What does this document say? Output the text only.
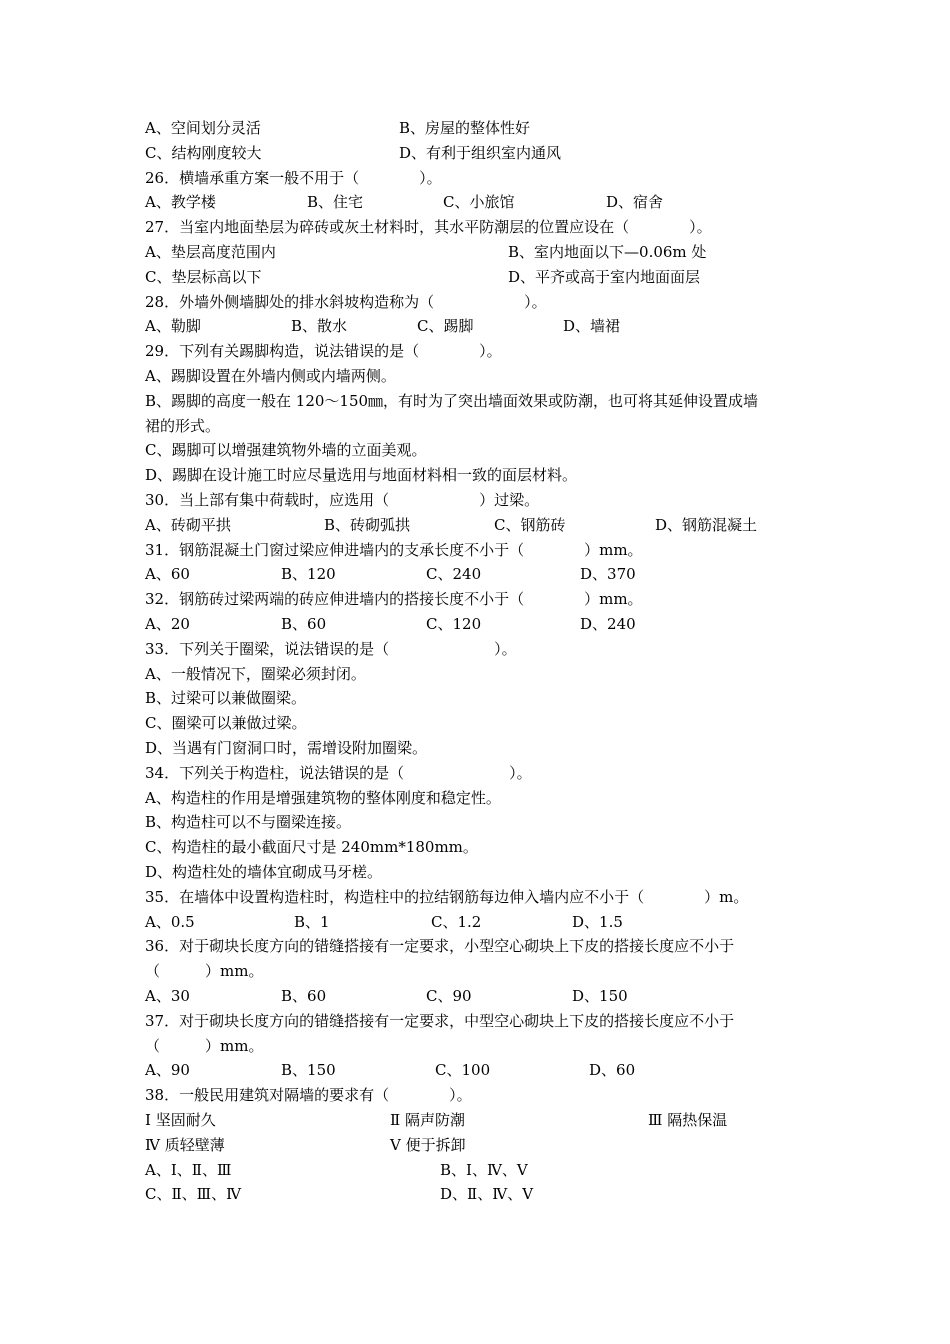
A、空间划分灵活	B、房屋的整体性好
C、结构刚度较大	D、有利于组织室内通风
26．横墙承重方案一般不用于（　　　　）。
A、教学楼	B、住宅	C、小旅馆	D、宿舍
27．当室内地面垫层为碎砖或灰土材料时，其水平防潮层的位置应设在（　　　　）。
A、垫层高度范围内	B、室内地面以下—0.06m 处
C、垫层标高以下	D、平齐或高于室内地面面层
28．外墙外侧墙脚处的排水斜坡构造称为（　　　　　　）。
A、勒脚	B、散水	C、踢脚	D、墙裙
29．下列有关踢脚构造，说法错误的是（　　　　）。
A、踢脚设置在外墙内侧或内墙两侧。
B、踢脚的高度一般在 120～150㎜，有时为了突出墙面效果或防潮，也可将其延伸设置成墙
裙的形式。
C、踢脚可以增强建筑物外墙的立面美观。
D、踢脚在设计施工时应尽量选用与地面材料相一致的面层材料。
30．当上部有集中荷载时，应选用（　　　　　　）过梁。
A、砖砌平拱	B、砖砌弧拱	C、钢筋砖	D、钢筋混凝土
31．钢筋混凝土门窗过梁应伸进墙内的支承长度不小于（　　　　）mm。
A、60	B、120	C、240	D、370
32．钢筋砖过梁两端的砖应伸进墙内的搭接长度不小于（　　　　）mm。
A、20	B、60	C、120	D、240
33．下列关于圈梁，说法错误的是（　　　　　　　）。
A、一般情况下，圈梁必须封闭。
B、过梁可以兼做圈梁。
C、圈梁可以兼做过梁。
D、当遇有门窗洞口时，需增设附加圈梁。
34．下列关于构造柱，说法错误的是（　　　　　　　）。
A、构造柱的作用是增强建筑物的整体刚度和稳定性。
B、构造柱可以不与圈梁连接。
C、构造柱的最小截面尺寸是 240mm*180mm。
D、构造柱处的墙体宜砌成马牙槎。
35．在墙体中设置构造柱时，构造柱中的拉结钢筋每边伸入墙内应不小于（　　　　）m。
A、0.5	B、1	C、1.2	D、1.5
36．对于砌块长度方向的错缝搭接有一定要求，小型空心砌块上下皮的搭接长度应不小于
（　　　）mm。
A、30	B、60	C、90	D、150
37．对于砌块长度方向的错缝搭接有一定要求，中型空心砌块上下皮的搭接长度应不小于
（　　　）mm。
A、90	B、150	C、100	D、60
38．一般民用建筑对隔墙的要求有（　　　　）。
Ⅰ 坚固耐久	Ⅱ 隔声防潮	Ⅲ 隔热保温
Ⅳ 质轻壁薄	Ⅴ 便于拆卸
A、Ⅰ、Ⅱ、Ⅲ	B、Ⅰ、Ⅳ、Ⅴ
C、Ⅱ、Ⅲ、Ⅳ	D、Ⅱ、Ⅳ、Ⅴ
